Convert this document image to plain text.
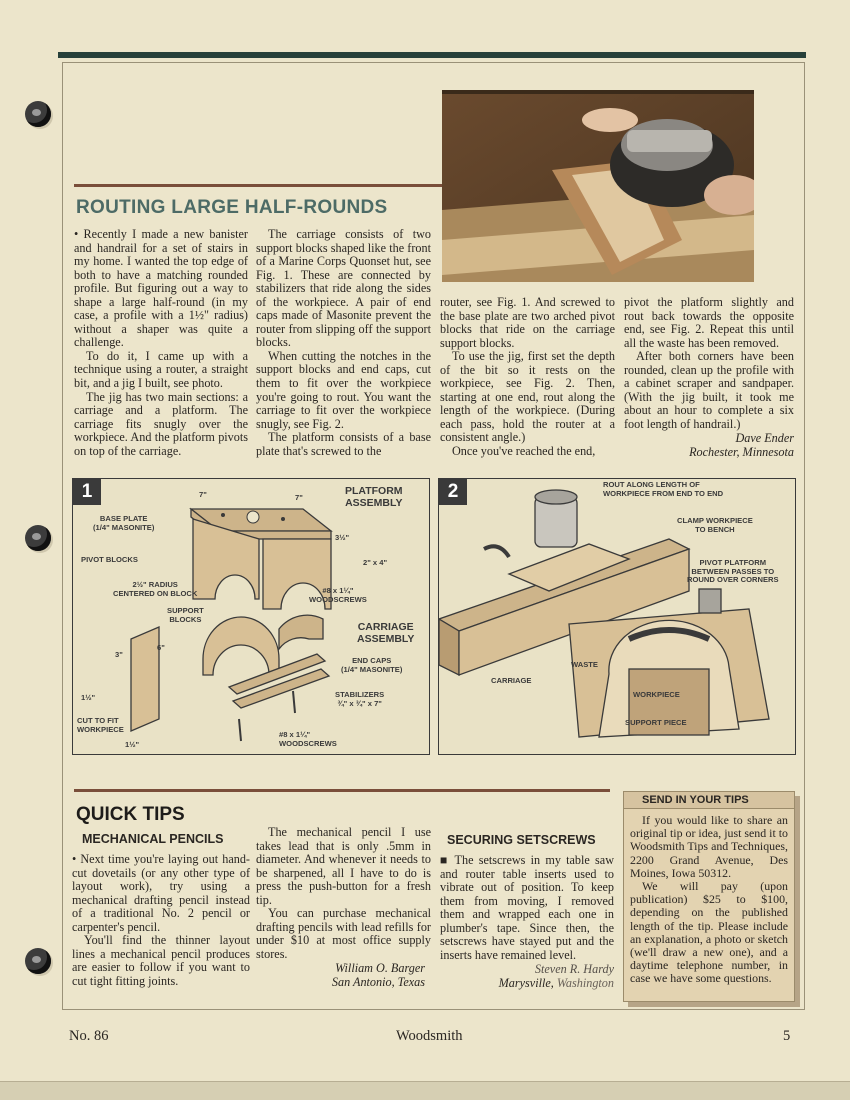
ROUTING LARGE HALF-ROUNDS

• Recently I made a new banister and handrail for a set of stairs in my home. I wanted the top edge of both to have a matching rounded profile. But figuring out a way to shape a large half-round (in my case, a profile with a 1½" radius) without a shaper was quite a challenge.

To do it, I came up with a technique using a router, a straight bit, and a jig I built, see photo.

The jig has two main sections: a carriage and a platform. The carriage fits snugly over the workpiece. And the platform pivots on top of the carriage.

The carriage consists of two support blocks shaped like the front of a Marine Corps Quonset hut, see Fig. 1. These are connected by stabilizers that ride along the sides of the workpiece. A pair of end caps made of Masonite prevent the router from slipping off the support blocks.

When cutting the notches in the support blocks and end caps, cut them to fit over the workpiece you're going to rout. You want the carriage to fit over the workpiece snugly, see Fig. 2.

The platform consists of a base plate that's screwed to the

router, see Fig. 1. And screwed to the base plate are two arched pivot blocks that ride on the carriage support blocks.

To use the jig, first set the depth of the bit so it rests on the workpiece, see Fig. 2. Then, starting at one end, rout along the length of the workpiece. (During each pass, hold the router at a consistent angle.)

Once you've reached the end,

pivot the platform slightly and rout back towards the opposite end, see Fig. 2. Repeat this until all the waste has been removed.

After both corners have been rounded, clean up the profile with a cabinet scraper and sandpaper. (With the jig built, it took me about an hour to complete a six foot length of handrail.)

Dave Ender
Rochester, Minnesota
1	7"	7"
PLATFORM
ASSEMBLY
BASE PLATE
(1/4" MASONITE)
3½"
PIVOT BLOCKS	2" x 4"
2½" RADIUS
CENTERED ON BLOCK	#8 x 1¼"
WOODSCREWS
SUPPORT
BLOCKS
CARRIAGE
ASSEMBLY
6"
3"
END CAPS
(1/4" MASONITE)
1½"	STABILIZERS
¾" x ¾" x 7"
CUT TO FIT
WORKPIECE
#8 x 1¼"
WOODSCREWS
1½"
2	ROUT ALONG LENGTH OF
WORKPIECE FROM END TO END
CLAMP WORKPIECE
TO BENCH
PIVOT PLATFORM
BETWEEN PASSES TO
ROUND OVER CORNERS
CARRIAGE
WASTE
WORKPIECE
SUPPORT PIECE
QUICK TIPS
MECHANICAL PENCILS

• Next time you're laying out hand-cut dovetails (or any other type of layout work), try using a mechanical drafting pencil instead of a traditional No. 2 pencil or carpenter's pencil.

You'll find the thinner layout lines a mechanical pencil produces are easier to follow if you want to cut tight fitting joints.

The mechanical pencil I use takes lead that is only .5mm in diameter. And whenever it needs to be sharpened, all I have to do is press the push-button for a fresh tip.

You can purchase mechanical drafting pencils with lead refills for under $10 at most office supply stores.

William O. Barger
San Antonio, Texas
SECURING SETSCREWS

■ The setscrews in my table saw and router table inserts used to vibrate out of position. To keep them from moving, I removed them and wrapped each one in plumber's tape. Since then, the setscrews have stayed put and the inserts have remained level.

Steven R. Hardy
Marysville, Washington
SEND IN YOUR TIPS

If you would like to share an original tip or idea, just send it to Woodsmith Tips and Techniques, 2200 Grand Avenue, Des Moines, Iowa 50312.

We will pay (upon publication) $25 to $100, depending on the published length of the tip. Please include an explanation, a photo or sketch (we'll draw a new one), and a daytime telephone number, in case we have some questions.

No. 86	Woodsmith	5
